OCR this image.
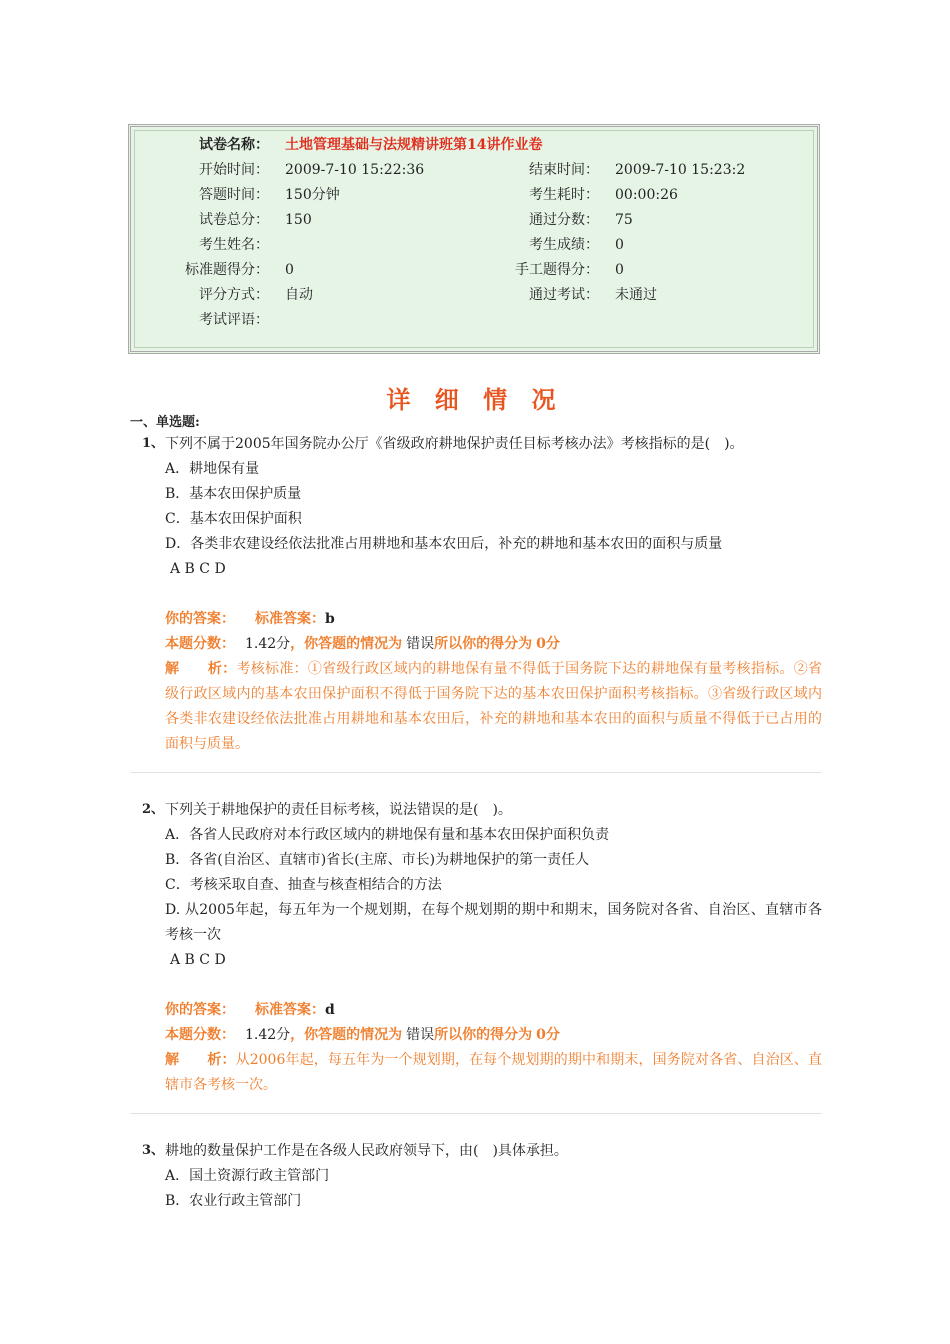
试卷名称： 土地管理基础与法规精讲班第14讲作业卷
开始时间： 2009-7-10 15:22:36	结束时间： 2009-7-10 15:23:2
答题时间： 150分钟	考生耗时： 00:00:26
试卷总分： 150	通过分数： 75
考生姓名：	考生成绩： 0
标准题得分： 0	手工题得分： 0
评分方式： 自动	通过考试： 未通过
考试评语：
详 细 情 况
一、单选题:
1、 下列不属于2005年国务院办公厅《省级政府耕地保护责任目标考核办法》考核指标的是(　)。
A．耕地保有量
B．基本农田保护质量
C．基本农田保护面积
D．各类非农建设经依法批准占用耕地和基本农田后，补充的耕地和基本农田的面积与质量
A B C D
你的答案： 标准答案：b
本题分数： 1.42分，你答题的情况为 错误所以你的得分为 0分
解　　析：考核标准：①省级行政区域内的耕地保有量不得低于国务院下达的耕地保有量考核指标。②省级行政区域内的基本农田保护面积不得低于国务院下达的基本农田保护面积考核指标。③省级行政区域内各类非农建设经依法批准占用耕地和基本农田后，补充的耕地和基本农田的面积与质量不得低于已占用的面积与质量。
2、 下列关于耕地保护的责任目标考核，说法错误的是(　)。
A．各省人民政府对本行政区域内的耕地保有量和基本农田保护面积负责
B．各省(自治区、直辖市)省长(主席、市长)为耕地保护的第一责任人
C．考核采取自查、抽查与核查相结合的方法
D. 从2005年起，每五年为一个规划期，在每个规划期的期中和期末，国务院对各省、自治区、直辖市各考核一次
A B C D
你的答案： 标准答案：d
本题分数： 1.42分，你答题的情况为 错误所以你的得分为 0分
解　　析：从2006年起，每五年为一个规划期，在每个规划期的期中和期末，国务院对各省、自治区、直辖市各考核一次。
3、 耕地的数量保护工作是在各级人民政府领导下，由(　)具体承担。
A．国土资源行政主管部门
B．农业行政主管部门
